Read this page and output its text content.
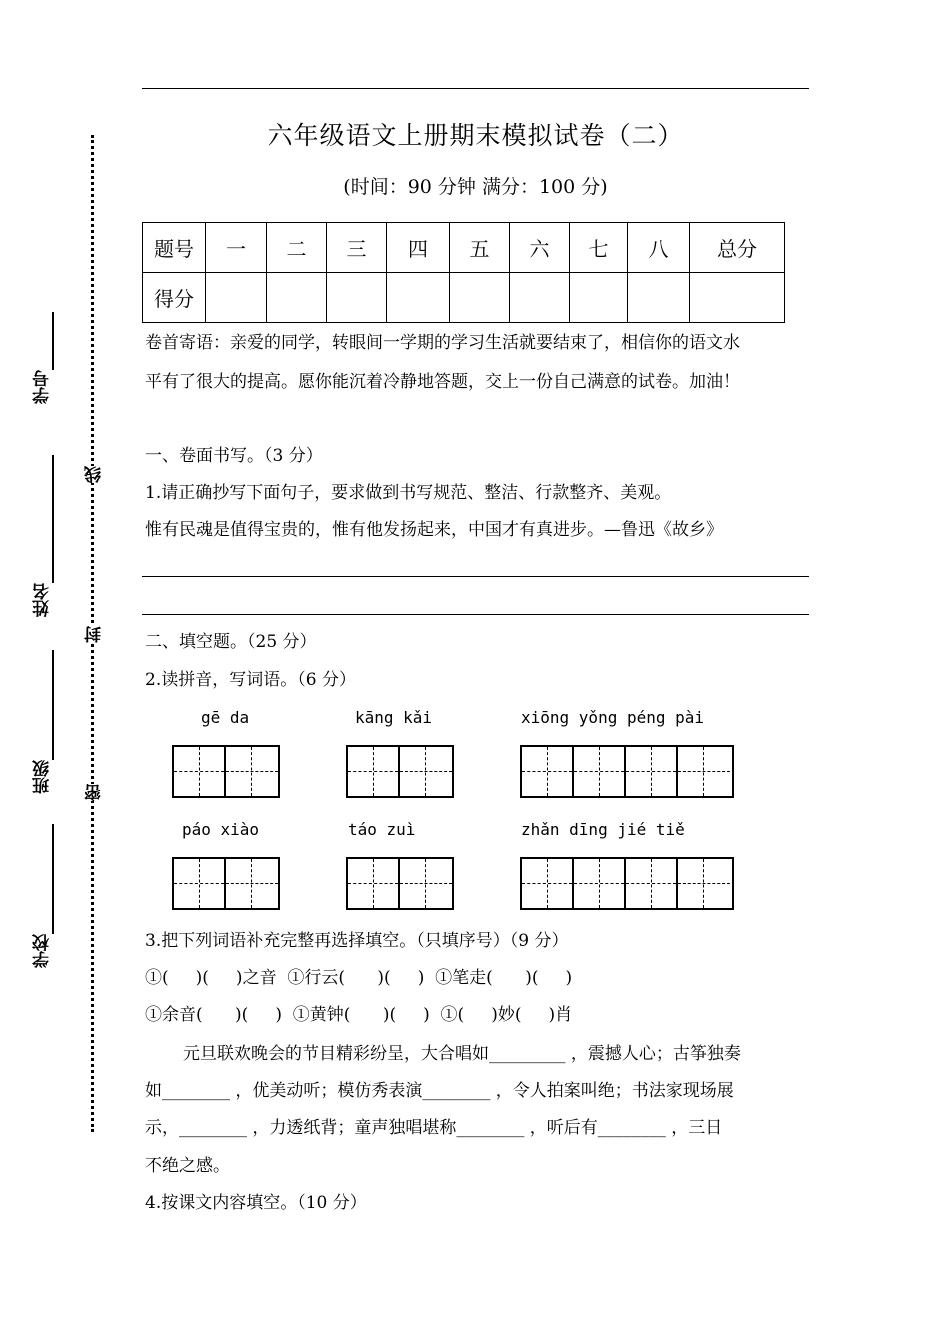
线
封
密
学号
姓名
班级
学校
六年级语文上册期末模拟试卷（二）
(时间：90 分钟 满分：100 分)
题号	一	二	三	四	五	六	七	八	总分
得分									
卷首寄语：亲爱的同学，转眼间一学期的学习生活就要结束了，相信你的语文水
平有了很大的提高。愿你能沉着冷静地答题，交上一份自己满意的试卷。加油！
一、卷面书写。（3 分）
1.请正确抄写下面句子，要求做到书写规范、整洁、行款整齐、美观。
惟有民魂是值得宝贵的，惟有他发扬起来，中国才有真进步。—鲁迅《故乡》
二、填空题。（25 分）
2.读拼音，写词语。（6 分）
gē da	kāng kǎi	xiōng yǒng péng pài
páo xiào	táo zuì	zhǎn dīng jié tiě
3.把下列词语补充完整再选择填空。（只填序号）（9 分）
①(     )(     )之音  ①行云(      )(     )  ①笔走(      )(     )
①余音(      )(     )  ①黄钟(      )(     )  ①(     )妙(     )肖
元旦联欢晚会的节目精彩纷呈，大合唱如_________ ，震撼人心；古筝独奏
如________ ，优美动听；模仿秀表演________ ，令人拍案叫绝；书法家现场展
示，________ ，力透纸背；童声独唱堪称________ ，听后有________ ，三日
不绝之感。
4.按课文内容填空。（10 分）
